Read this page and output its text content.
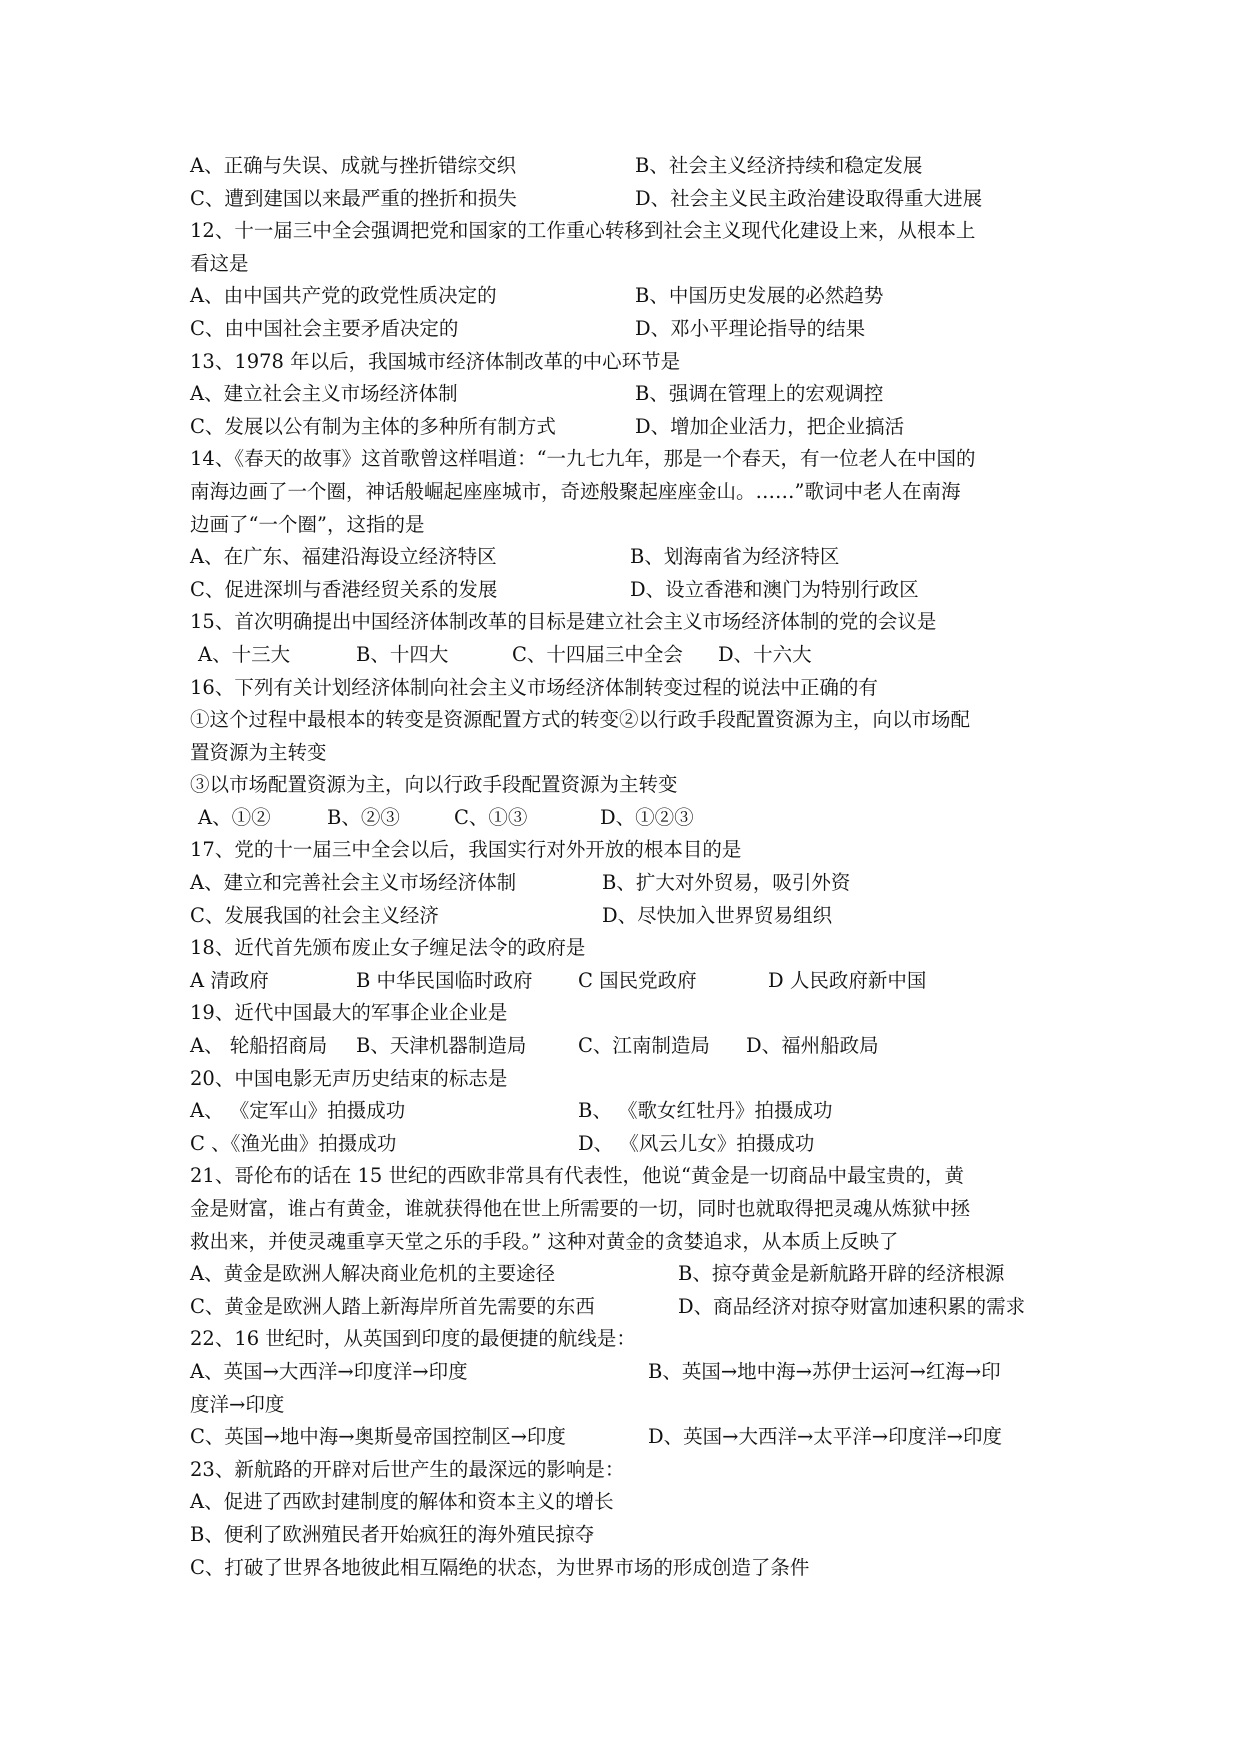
A、正确与失误、成就与挫折错综交织	B、社会主义经济持续和稳定发展
C、遭到建国以来最严重的挫折和损失	D、社会主义民主政治建设取得重大进展
12、十一届三中全会强调把党和国家的工作重心转移到社会主义现代化建设上来，从根本上
看这是
A、由中国共产党的政党性质决定的	B、中国历史发展的必然趋势
C、由中国社会主要矛盾决定的	D、邓小平理论指导的结果
13、1978 年以后，我国城市经济体制改革的中心环节是
A、建立社会主义市场经济体制	B、强调在管理上的宏观调控
C、发展以公有制为主体的多种所有制方式	D、增加企业活力，把企业搞活
14、《春天的故事》这首歌曾这样唱道：“一九七九年，那是一个春天，有一位老人在中国的
南海边画了一个圈，神话般崛起座座城市，奇迹般聚起座座金山。……”歌词中老人在南海
边画了“一个圈”，这指的是
A、在广东、福建沿海设立经济特区	B、划海南省为经济特区
C、促进深圳与香港经贸关系的发展	D、设立香港和澳门为特别行政区
15、首次明确提出中国经济体制改革的目标是建立社会主义市场经济体制的党的会议是
A、十三大	B、十四大	C、十四届三中全会 D、十六大
16、下列有关计划经济体制向社会主义市场经济体制转变过程的说法中正确的有
①这个过程中最根本的转变是资源配置方式的转变②以行政手段配置资源为主，向以市场配
置资源为主转变
③以市场配置资源为主，向以行政手段配置资源为主转变
A、①②	B、②③	C、①③	D、①②③
17、党的十一届三中全会以后，我国实行对外开放的根本目的是
A、建立和完善社会主义市场经济体制	B、扩大对外贸易，吸引外资
C、发展我国的社会主义经济	D、尽快加入世界贸易组织
18、近代首先颁布废止女子缠足法令的政府是
A 清政府	B 中华民国临时政府 C 国民党政府	D 人民政府新中国
19、近代中国最大的军事企业企业是
A、 轮船招商局 B、天津机器制造局	C、江南制造局 D、福州船政局
20、中国电影无声历史结束的标志是
A、 《定军山》拍摄成功	B、 《歌女红牡丹》拍摄成功
C 、《渔光曲》拍摄成功	D、 《风云儿女》拍摄成功
21、哥伦布的话在 15 世纪的西欧非常具有代表性，他说“黄金是一切商品中最宝贵的，黄
金是财富，谁占有黄金，谁就获得他在世上所需要的一切，同时也就取得把灵魂从炼狱中拯
救出来，并使灵魂重享天堂之乐的手段。” 这种对黄金的贪婪追求，从本质上反映了
A、黄金是欧洲人解决商业危机的主要途径	B、掠夺黄金是新航路开辟的经济根源
C、黄金是欧洲人踏上新海岸所首先需要的东西	D、商品经济对掠夺财富加速积累的需求
22、16 世纪时，从英国到印度的最便捷的航线是：
A、英国→大西洋→印度洋→印度	B、英国→地中海→苏伊士运河→红海→印
度洋→印度
C、英国→地中海→奥斯曼帝国控制区→印度	D、英国→大西洋→太平洋→印度洋→印度
23、新航路的开辟对后世产生的最深远的影响是：
A、促进了西欧封建制度的解体和资本主义的增长
B、便利了欧洲殖民者开始疯狂的海外殖民掠夺
C、打破了世界各地彼此相互隔绝的状态，为世界市场的形成创造了条件
